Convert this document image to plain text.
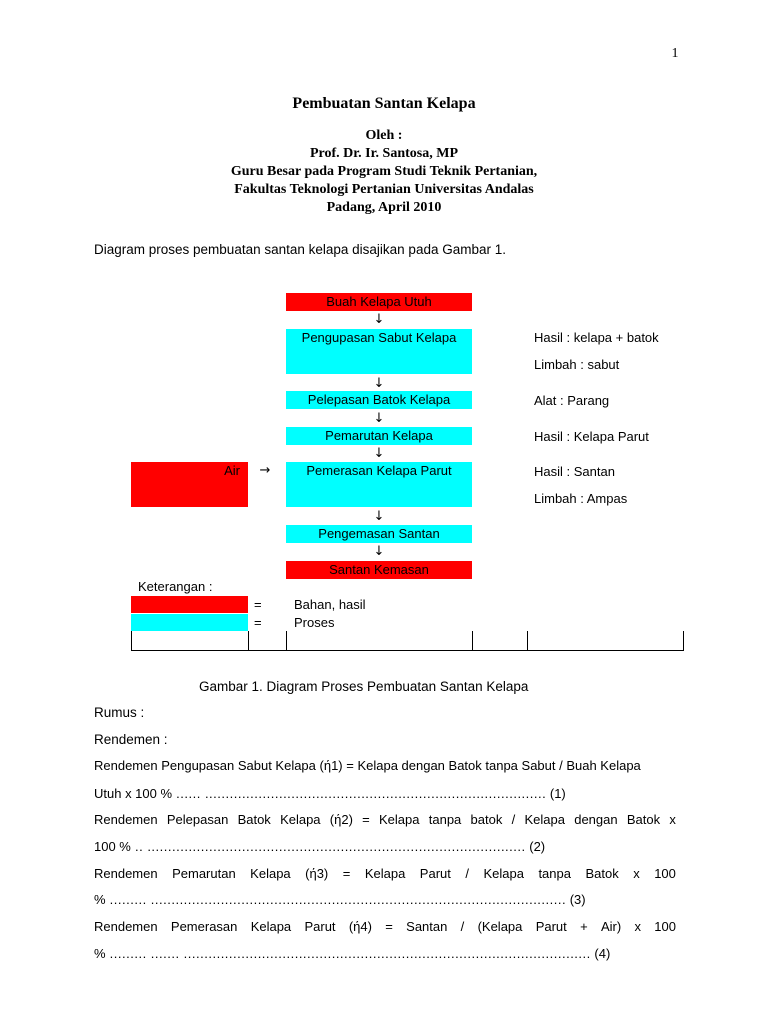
1
Pembuatan Santan Kelapa
Oleh :
Prof. Dr. Ir. Santosa, MP
Guru Besar pada Program Studi Teknik Pertanian,
Fakultas Teknologi Pertanian Universitas Andalas
Padang, April 2010
Diagram proses pembuatan santan kelapa disajikan pada Gambar 1.
Buah Kelapa Utuh
↓
Pengupasan Sabut Kelapa
↓
Pelepasan Batok Kelapa
↓
Pemarutan Kelapa
↓
Air	→	Pemerasan Kelapa Parut
↓
Pengemasan Santan
↓
Santan Kemasan
Hasil : kelapa + batok
Limbah : sabut
Alat : Parang
Hasil : Kelapa Parut
Hasil : Santan
Limbah : Ampas
Keterangan :
= Bahan, hasil
= Proses
Gambar 1. Diagram Proses Pembuatan Santan Kelapa
Rumus :
Rendemen :
Rendemen Pengupasan Sabut Kelapa (ή1) = Kelapa dengan Batok tanpa Sabut / Buah Kelapa
Utuh x 100 % ...... ................................................................................... (1)
Rendemen Pelepasan Batok Kelapa (ή2) = Kelapa tanpa batok / Kelapa dengan Batok x
100 % .. ............................................................................................ (2)
Rendemen Pemarutan Kelapa (ή3) = Kelapa Parut / Kelapa tanpa Batok x 100
% ......... ..................................................................................................... (3)
Rendemen Pemerasan Kelapa Parut (ή4) = Santan / (Kelapa Parut + Air) x 100
% ......... ....... ................................................................................................... (4)
